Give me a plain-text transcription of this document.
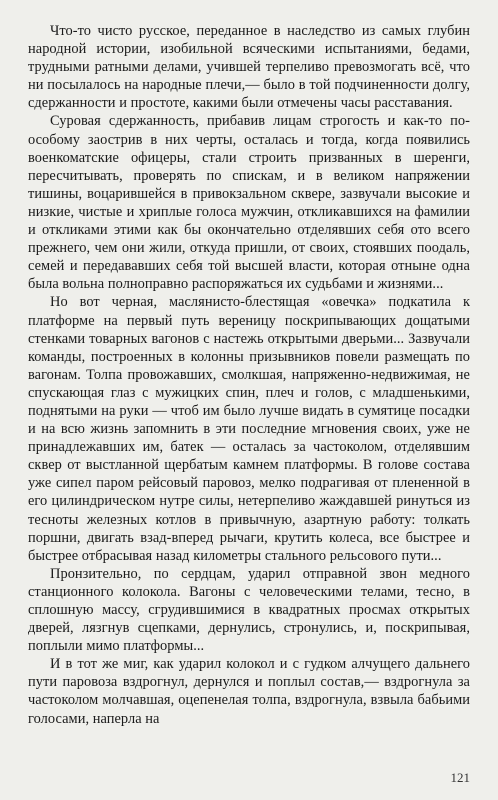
Что-то чисто русское, переданное в наследство из самых глубин народной истории, изобильной всяческими испытаниями, бедами, трудными ратными делами, учившей терпеливо превозмогать всё, что ни посылалось на народные плечи,— было в той подчиненности долгу, сдержанности и простоте, какими были отмечены часы расставания.

Суровая сдержанность, прибавив лицам строгость и как-то по-особому заострив в них черты, осталась и тогда, когда появились военкоматские офицеры, стали строить призванных в шеренги, пересчитывать, проверять по спискам, и в великом напряжении тишины, воцарившейся в привокзальном сквере, зазвучали высокие и низкие, чистые и хриплые голоса мужчин, откликавшихся на фамилии и откликами этими как бы окончательно отделявших себя ото всего прежнего, чем они жили, откуда пришли, от своих, стоявших поодаль, семей и передававших себя той высшей власти, которая отныне одна была вольна полноправно распоряжаться их судьбами и жизнями...

Но вот черная, маслянисто-блестящая «овечка» подкатила к платформе на первый путь вереницу поскрипывающих дощатыми стенками товарных вагонов с настежь открытыми дверьми... Зазвучали команды, построенных в колонны призывников повели размещать по вагонам. Толпа провожавших, смолкшая, напряженно-недвижимая, не спускающая глаз с мужицких спин, плеч и голов, с младшенькими, поднятыми на руки — чтоб им было лучше видать в сумятице посадки и на всю жизнь запомнить в эти последние мгновения своих, уже не принадлежавших им, батек — осталась за частоколом, отделявшим сквер от выстланной щербатым камнем платформы. В голове состава уже сипел паром рейсовый паровоз, мелко подрагивая от плененной в его цилиндрическом нутре силы, нетерпеливо жаждавшей ринуться из тесноты железных котлов в привычную, азартную работу: толкать поршни, двигать взад-вперед рычаги, крутить колеса, все быстрее и быстрее отбрасывая назад километры стального рельсового пути...

Пронзительно, по сердцам, ударил отправной звон медного станционного колокола. Вагоны с человеческими телами, тесно, в сплошную массу, сгрудившимися в квадратных просмах открытых дверей, лязгнув сцепками, дернулись, стронулись, и, поскрипывая, поплыли мимо платформы...

И в тот же миг, как ударил колокол и с гудком алчущего дальнего пути паровоза вздрогнул, дернулся и поплыл состав,— вздрогнула за частоколом молчавшая, оцепенелая толпа, вздрогнула, взвыла бабьими голосами, наперла на

121
